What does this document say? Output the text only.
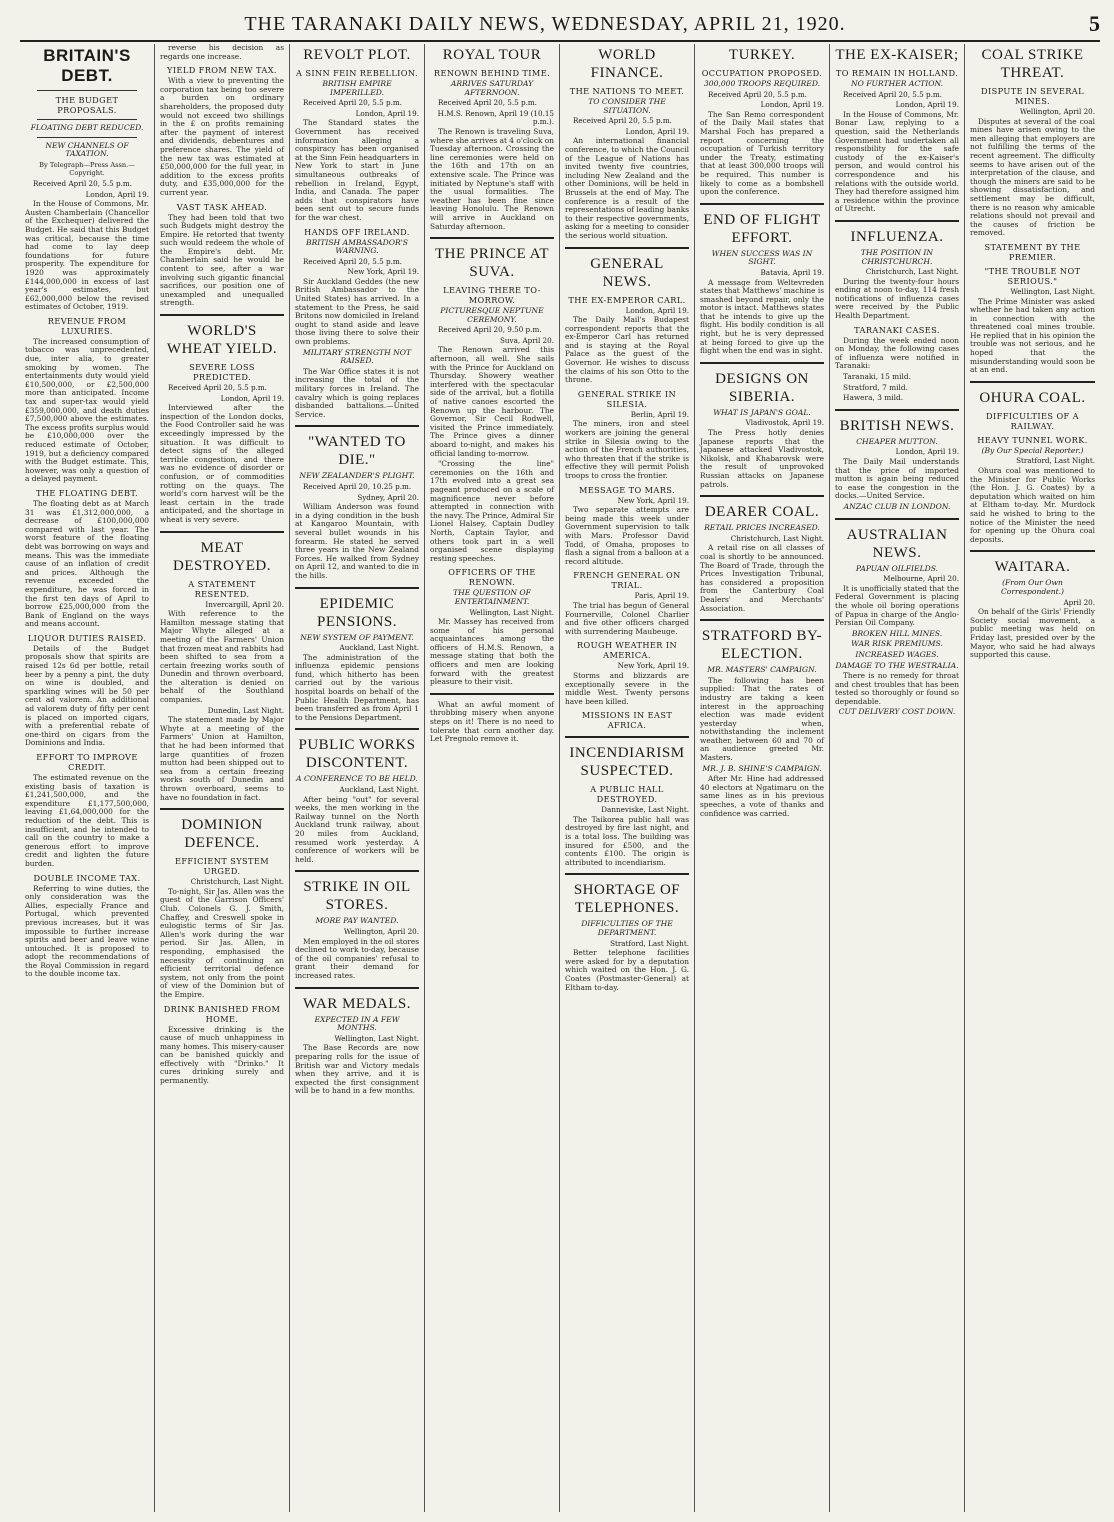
THE TARANAKI DAILY NEWS, WEDNESDAY, APRIL 21, 1920.	5
BRITAIN'S DEBT.
THE BUDGET PROPOSALS.
FLOATING DEBT REDUCED.
NEW CHANNELS OF TAXATION.
By Telegraph—Press Assn.—Copyright.
Received April 20, 5.5 p.m.
London, April 19.

In the House of Commons, Mr. Austen Chamberlain (Chancellor of the Exchequer) delivered the Budget. He said that this Budget was critical, because the time had come to lay deep foundations for future prosperity. The expenditure for 1920 was approximately £144,000,000 in excess of last year's estimates, but £62,000,000 below the revised estimates of October, 1919.

REVENUE FROM LUXURIES.

The increased consumption of tobacco was unprecedented, due, inter alia, to greater smoking by women. The entertainments duty would yield £10,500,000, or £2,500,000 more than anticipated. Income tax and super-tax would yield £359,000,000, and death duties £7,500,000 above the estimates. The excess profits surplus would be £10,000,000 over the reduced estimate of October, 1919, but a deficiency compared with the Budget estimate. This, however, was only a question of a delayed payment.

THE FLOATING DEBT.

The floating debt as at March 31 was £1,312,000,000, a decrease of £100,000,000 compared with last year. The worst feature of the floating debt was borrowing on ways and means. This was the immediate cause of an inflation of credit and prices. Although the revenue exceeded the expenditure, he was forced in the first ten days of April to borrow £25,000,000 from the Bank of England on the ways and means account.

LIQUOR DUTIES RAISED.

Details of the Budget proposals show that spirits are raised 12s 6d per bottle, retail beer by a penny a pint, the duty on wine is doubled, and sparkling wines will be 50 per cent ad valorem. An additional ad valorem duty of fifty per cent is placed on imported cigars, with a preferential rebate of one-third on cigars from the Dominions and India.

EFFORT TO IMPROVE CREDIT.

The estimated revenue on the existing basis of taxation is £1,241,500,000, and the expenditure £1,177,500,000, leaving £1,64,000,000 for the reduction of the debt. This is insufficient, and he intended to call on the country to make a generous effort to improve credit and lighten the future burden.

DOUBLE INCOME TAX.

Referring to wine duties, the only consideration was the Allies, especially France and Portugal, which prevented previous increases, but it was impossible to further increase spirits and beer and leave wine untouched. It is proposed to adopt the recommendations of the Royal Commission in regard to the double income tax.

reverse his decision as regards one increase.

YIELD FROM NEW TAX.

With a view to preventing the corporation tax being too severe a burden on ordinary shareholders, the proposed duty would not exceed two shillings in the £ on profits remaining after the payment of interest and dividends, debentures and preference shares. The yield of the new tax was estimated at £50,000,000 for the full year, in addition to the excess profits duty, and £35,000,000 for the current year.

VAST TASK AHEAD.

They had been told that two such Budgets might destroy the Empire. He retorted that twenty such would redeem the whole of the Empire's debt. Mr. Chamberlain said he would be content to see, after a war involving such gigantic financial sacrifices, our position one of unexampled and unequalled strength.

WORLD'S WHEAT YIELD.
SEVERE LOSS PREDICTED.
Received April 20, 5.5 p.m.
London, April 19.

Interviewed after the inspection of the London docks, the Food Controller said he was exceedingly impressed by the situation. It was difficult to detect signs of the alleged terrible congestion, and there was no evidence of disorder or confusion, or of commodities rotting on the quays. The world's corn harvest will be the least certain in the trade anticipated, and the shortage in wheat is very severe.

MEAT DESTROYED.
A STATEMENT RESENTED.
Invercargill, April 20.

With reference to the Hamilton message stating that Major Whyte alleged at a meeting of the Farmers' Union that frozen meat and rabbits had been shifted to sea from a certain freezing works south of Dunedin and thrown overboard, the alteration is denied on behalf of the Southland companies.

Dunedin, Last Night.

The statement made by Major Whyte at a meeting of the Farmers' Union at Hamilton, that he had been informed that large quantities of frozen mutton had been shipped out to sea from a certain freezing works south of Dunedin and thrown overboard, seems to have no foundation in fact.

DOMINION DEFENCE.
EFFICIENT SYSTEM URGED.
Christchurch, Last Night.

To-night, Sir Jas. Allen was the guest of the Garrison Officers' Club. Colonels G. J. Smith, Chaffey, and Creswell spoke in eulogistic terms of Sir Jas. Allen's work during the war period. Sir Jas. Allen, in responding, emphasised the necessity of continuing an efficient territorial defence system, not only from the point of view of the Dominion but of the Empire.

DRINK BANISHED FROM HOME.

Excessive drinking is the cause of much unhappiness in many homes. This misery-causer can be banished quickly and effectively with "Drinko." It cures drinking surely and permanently.

REVOLT PLOT.
A SINN FEIN REBELLION.
BRITISH EMPIRE IMPERILLED.
Received April 20, 5.5 p.m.
London, April 19.

The Standard states the Government has received information alleging a conspiracy has been organised at the Sinn Fein headquarters in New York to start in June simultaneous outbreaks of rebellion in Ireland, Egypt, India, and Canada. The paper adds that conspirators have been sent out to secure funds for the war chest.

HANDS OFF IRELAND.
BRITISH AMBASSADOR'S WARNING.
Received April 20, 5.5 p.m.
New York, April 19.

Sir Auckland Geddes (the new British Ambassador to the United States) has arrived. In a statement to the Press, he said Britons now domiciled in Ireland ought to stand aside and leave those living there to solve their own problems.

MILITARY STRENGTH NOT RAISED.

The War Office states it is not increasing the total of the military forces in Ireland. The cavalry which is going replaces disbanded battalions.—United Service.

"WANTED TO DIE."
NEW ZEALANDER'S PLIGHT.
Received April 20, 10.25 p.m.
Sydney, April 20.

William Anderson was found in a dying condition in the bush at Kangaroo Mountain, with several bullet wounds in his forearm. He stated he served three years in the New Zealand Forces. He walked from Sydney on April 12, and wanted to die in the hills.

EPIDEMIC PENSIONS.
NEW SYSTEM OF PAYMENT.
Auckland, Last Night.

The administration of the influenza epidemic pensions fund, which hitherto has been carried out by the various hospital boards on behalf of the Public Health Department, has been transferred as from April 1 to the Pensions Department.

PUBLIC WORKS DISCONTENT.
A CONFERENCE TO BE HELD.
Auckland, Last Night.

After being "out" for several weeks, the men working in the Railway tunnel on the North Auckland trunk railway, about 20 miles from Auckland, resumed work yesterday. A conference of workers will be held.

STRIKE IN OIL STORES.
MORE PAY WANTED.
Wellington, April 20.

Men employed in the oil stores declined to work to-day, because of the oil companies' refusal to grant their demand for increased rates.

WAR MEDALS.
EXPECTED IN A FEW MONTHS.
Wellington, Last Night.

The Base Records are now preparing rolls for the issue of British war and Victory medals when they arrive, and it is expected the first consignment will be to hand in a few months.

ROYAL TOUR
RENOWN BEHIND TIME.
ARRIVES SATURDAY AFTERNOON.
Received April 20, 5.5 p.m.
H.M.S. Renown, April 19 (10.15 p.m.).

The Renown is traveling Suva, where she arrives at 4 o'clock on Tuesday afternoon. Crossing the line ceremonies were held on the 16th and 17th on an extensive scale. The Prince was initiated by Neptune's staff with the usual formalities. The weather has been fine since leaving Honolulu. The Renown will arrive in Auckland on Saturday afternoon.

THE PRINCE AT SUVA.
LEAVING THERE TO-MORROW.
PICTURESQUE NEPTUNE CEREMONY.
Received April 20, 9.50 p.m.
Suva, April 20.

The Renown arrived this afternoon, all well. She sails with the Prince for Auckland on Thursday. Showery weather interfered with the spectacular side of the arrival, but a flotilla of native canoes escorted the Renown up the harbour. The Governor, Sir Cecil Rodwell, visited the Prince immediately. The Prince gives a dinner aboard to-night, and makes his official landing to-morrow.

"Crossing the line" ceremonies on the 16th and 17th evolved into a great sea pageant produced on a scale of magnificence never before attempted in connection with the navy. The Prince, Admiral Sir Lionel Halsey, Captain Dudley North, Captain Taylor, and others took part in a well organised scene displaying resting speeches.

OFFICERS OF THE RENOWN.
THE QUESTION OF ENTERTAINMENT.
Wellington, Last Night.

Mr. Massey has received from some of his personal acquaintances among the officers of H.M.S. Renown, a message stating that both the officers and men are looking forward with the greatest pleasure to their visit.

What an awful moment of throbbing misery when anyone steps on it! There is no need to tolerate that corn another day. Let Pregnolo remove it.

WORLD FINANCE.
THE NATIONS TO MEET.
TO CONSIDER THE SITUATION.
Received April 20, 5.5 p.m.
London, April 19.

An international financial conference, to which the Council of the League of Nations has invited twenty five countries, including New Zealand and the other Dominions, will be held in Brussels at the end of May. The conference is a result of the representations of leading banks to their respective governments, asking for a meeting to consider the serious world situation.

GENERAL NEWS.
THE EX-EMPEROR CARL.
London, April 19.

The Daily Mail's Budapest correspondent reports that the ex-Emperor Carl has returned and is staying at the Royal Palace as the guest of the Governor. He wishes to discuss the claims of his son Otto to the throne.

GENERAL STRIKE IN SILESIA.
Berlin, April 19.

The miners, iron and steel workers are joining the general strike in Silesia owing to the action of the French authorities, who threaten that if the strike is effective they will permit Polish troops to cross the frontier.

MESSAGE TO MARS.
New York, April 19.

Two separate attempts are being made this week under Government supervision to talk with Mars. Professor David Todd, of Omaha, proposes to flash a signal from a balloon at a record altitude.

FRENCH GENERAL ON TRIAL.
Paris, April 19.

The trial has begun of General Fournerville, Colonel Charlier and five other officers charged with surrendering Maubeuge.

ROUGH WEATHER IN AMERICA.
New York, April 19.

Storms and blizzards are exceptionally severe in the middle West. Twenty persons have been killed.

MISSIONS IN EAST AFRICA.
INCENDIARISM SUSPECTED.
A PUBLIC HALL DESTROYED.
Danneviske, Last Night.

The Taikorea public hall was destroyed by fire last night, and is a total loss. The building was insured for £500, and the contents £100. The origin is attributed to incendiarism.

SHORTAGE OF TELEPHONES.
DIFFICULTIES OF THE DEPARTMENT.
Stratford, Last Night.

Better telephone facilities were asked for by a deputation which waited on the Hon. J. G. Coates (Postmaster-General) at Eltham to-day.

TURKEY.
OCCUPATION PROPOSED.
300,000 TROOPS REQUIRED.
Received April 20, 5.5 p.m.
London, April 19.

The San Remo correspondent of the Daily Mail states that Marshal Foch has prepared a report concerning the occupation of Turkish territory under the Treaty, estimating that at least 300,000 troops will be required. This number is likely to come as a bombshell upon the conference.

END OF FLIGHT EFFORT.
WHEN SUCCESS WAS IN SIGHT.
Batavia, April 19.

A message from Weltevreden states that Matthews' machine is smashed beyond repair, only the motor is intact. Matthews states that he intends to give up the flight. His bodily condition is all right, but he is very depressed at being forced to give up the flight when the end was in sight.

DESIGNS ON SIBERIA.
WHAT IS JAPAN'S GOAL.
Vladivostok, April 19.

The Press hotly denies Japanese reports that the Japanese attacked Vladivostok, Nikolsk, and Khabarovsk were the result of unprovoked Russian attacks on Japanese patrols.

DEARER COAL.
RETAIL PRICES INCREASED.
Christchurch, Last Night.

A retail rise on all classes of coal is shortly to be announced. The Board of Trade, through the Prices Investigation Tribunal, has considered a proposition from the Canterbury Coal Dealers' and Merchants' Association.

STRATFORD BY-ELECTION.
MR. MASTERS' CAMPAIGN.

The following has been supplied: That the rates of industry are taking a keen interest in the approaching election was made evident yesterday when, notwithstanding the inclement weather, between 60 and 70 of an audience greeted Mr. Masters.

MR. J. B. SHINE'S CAMPAIGN.

After Mr. Hine had addressed 40 electors at Ngatimaru on the same lines as in his previous speeches, a vote of thanks and confidence was carried.

THE EX-KAISER;
TO REMAIN IN HOLLAND.
NO FURTHER ACTION.
Received April 20, 5.5 p.m.
London, April 19.

In the House of Commons, Mr. Bonar Law, replying to a question, said the Netherlands Government had undertaken all responsibility for the safe custody of the ex-Kaiser's person, and would control his correspondence and his relations with the outside world. They had therefore assigned him a residence within the province of Utrecht.

INFLUENZA.
THE POSITION IN CHRISTCHURCH.
Christchurch, Last Night.

During the twenty-four hours ending at noon to-day, 114 fresh notifications of influenza cases were received by the Public Health Department.

TARANAKI CASES.

During the week ended noon on Monday, the following cases of influenza were notified in Taranaki:

Taranaki, 15 mild.

Stratford, 7 mild.

Hawera, 3 mild.

BRITISH NEWS.
CHEAPER MUTTON.
London, April 19.

The Daily Mail understands that the price of imported mutton is again being reduced to ease the congestion in the docks.—United Service.

ANZAC CLUB IN LONDON.
AUSTRALIAN NEWS.
PAPUAN OILFIELDS.
Melbourne, April 20.

It is unofficially stated that the Federal Government is placing the whole oil boring operations of Papua in charge of the Anglo-Persian Oil Company.

BROKEN HILL MINES.
WAR RISK PREMIUMS.
INCREASED WAGES.
DAMAGE TO THE WESTRALIA.

There is no remedy for throat and chest troubles that has been tested so thoroughly or found so dependable.

CUT DELIVERY COST DOWN.
COAL STRIKE THREAT.
DISPUTE IN SEVERAL MINES.
Wellington, April 20.

Disputes at several of the coal mines have arisen owing to the men alleging that employers are not fulfilling the terms of the recent agreement. The difficulty seems to have arisen out of the interpretation of the clause, and though the miners are said to be showing dissatisfaction, and settlement may be difficult, there is no reason why amicable relations should not prevail and the causes of friction be removed.

STATEMENT BY THE PREMIER.
"THE TROUBLE NOT SERIOUS."
Wellington, Last Night.

The Prime Minister was asked whether he had taken any action in connection with the threatened coal mines trouble. He replied that in his opinion the trouble was not serious, and he hoped that the misunderstanding would soon be at an end.

OHURA COAL.
DIFFICULTIES OF A RAILWAY.
HEAVY TUNNEL WORK.
(By Our Special Reporter.)
Stratford, Last Night.

Ohura coal was mentioned to the Minister for Public Works (the Hon. J. G. Coates) by a deputation which waited on him at Eltham to-day. Mr. Murdock said he wished to bring to the notice of the Minister the need for opening up the Ohura coal deposits.

WAITARA.
(From Our Own Correspondent.)
April 20.

On behalf of the Girls' Friendly Society social movement, a public meeting was held on Friday last, presided over by the Mayor, who said he had always supported this cause.
